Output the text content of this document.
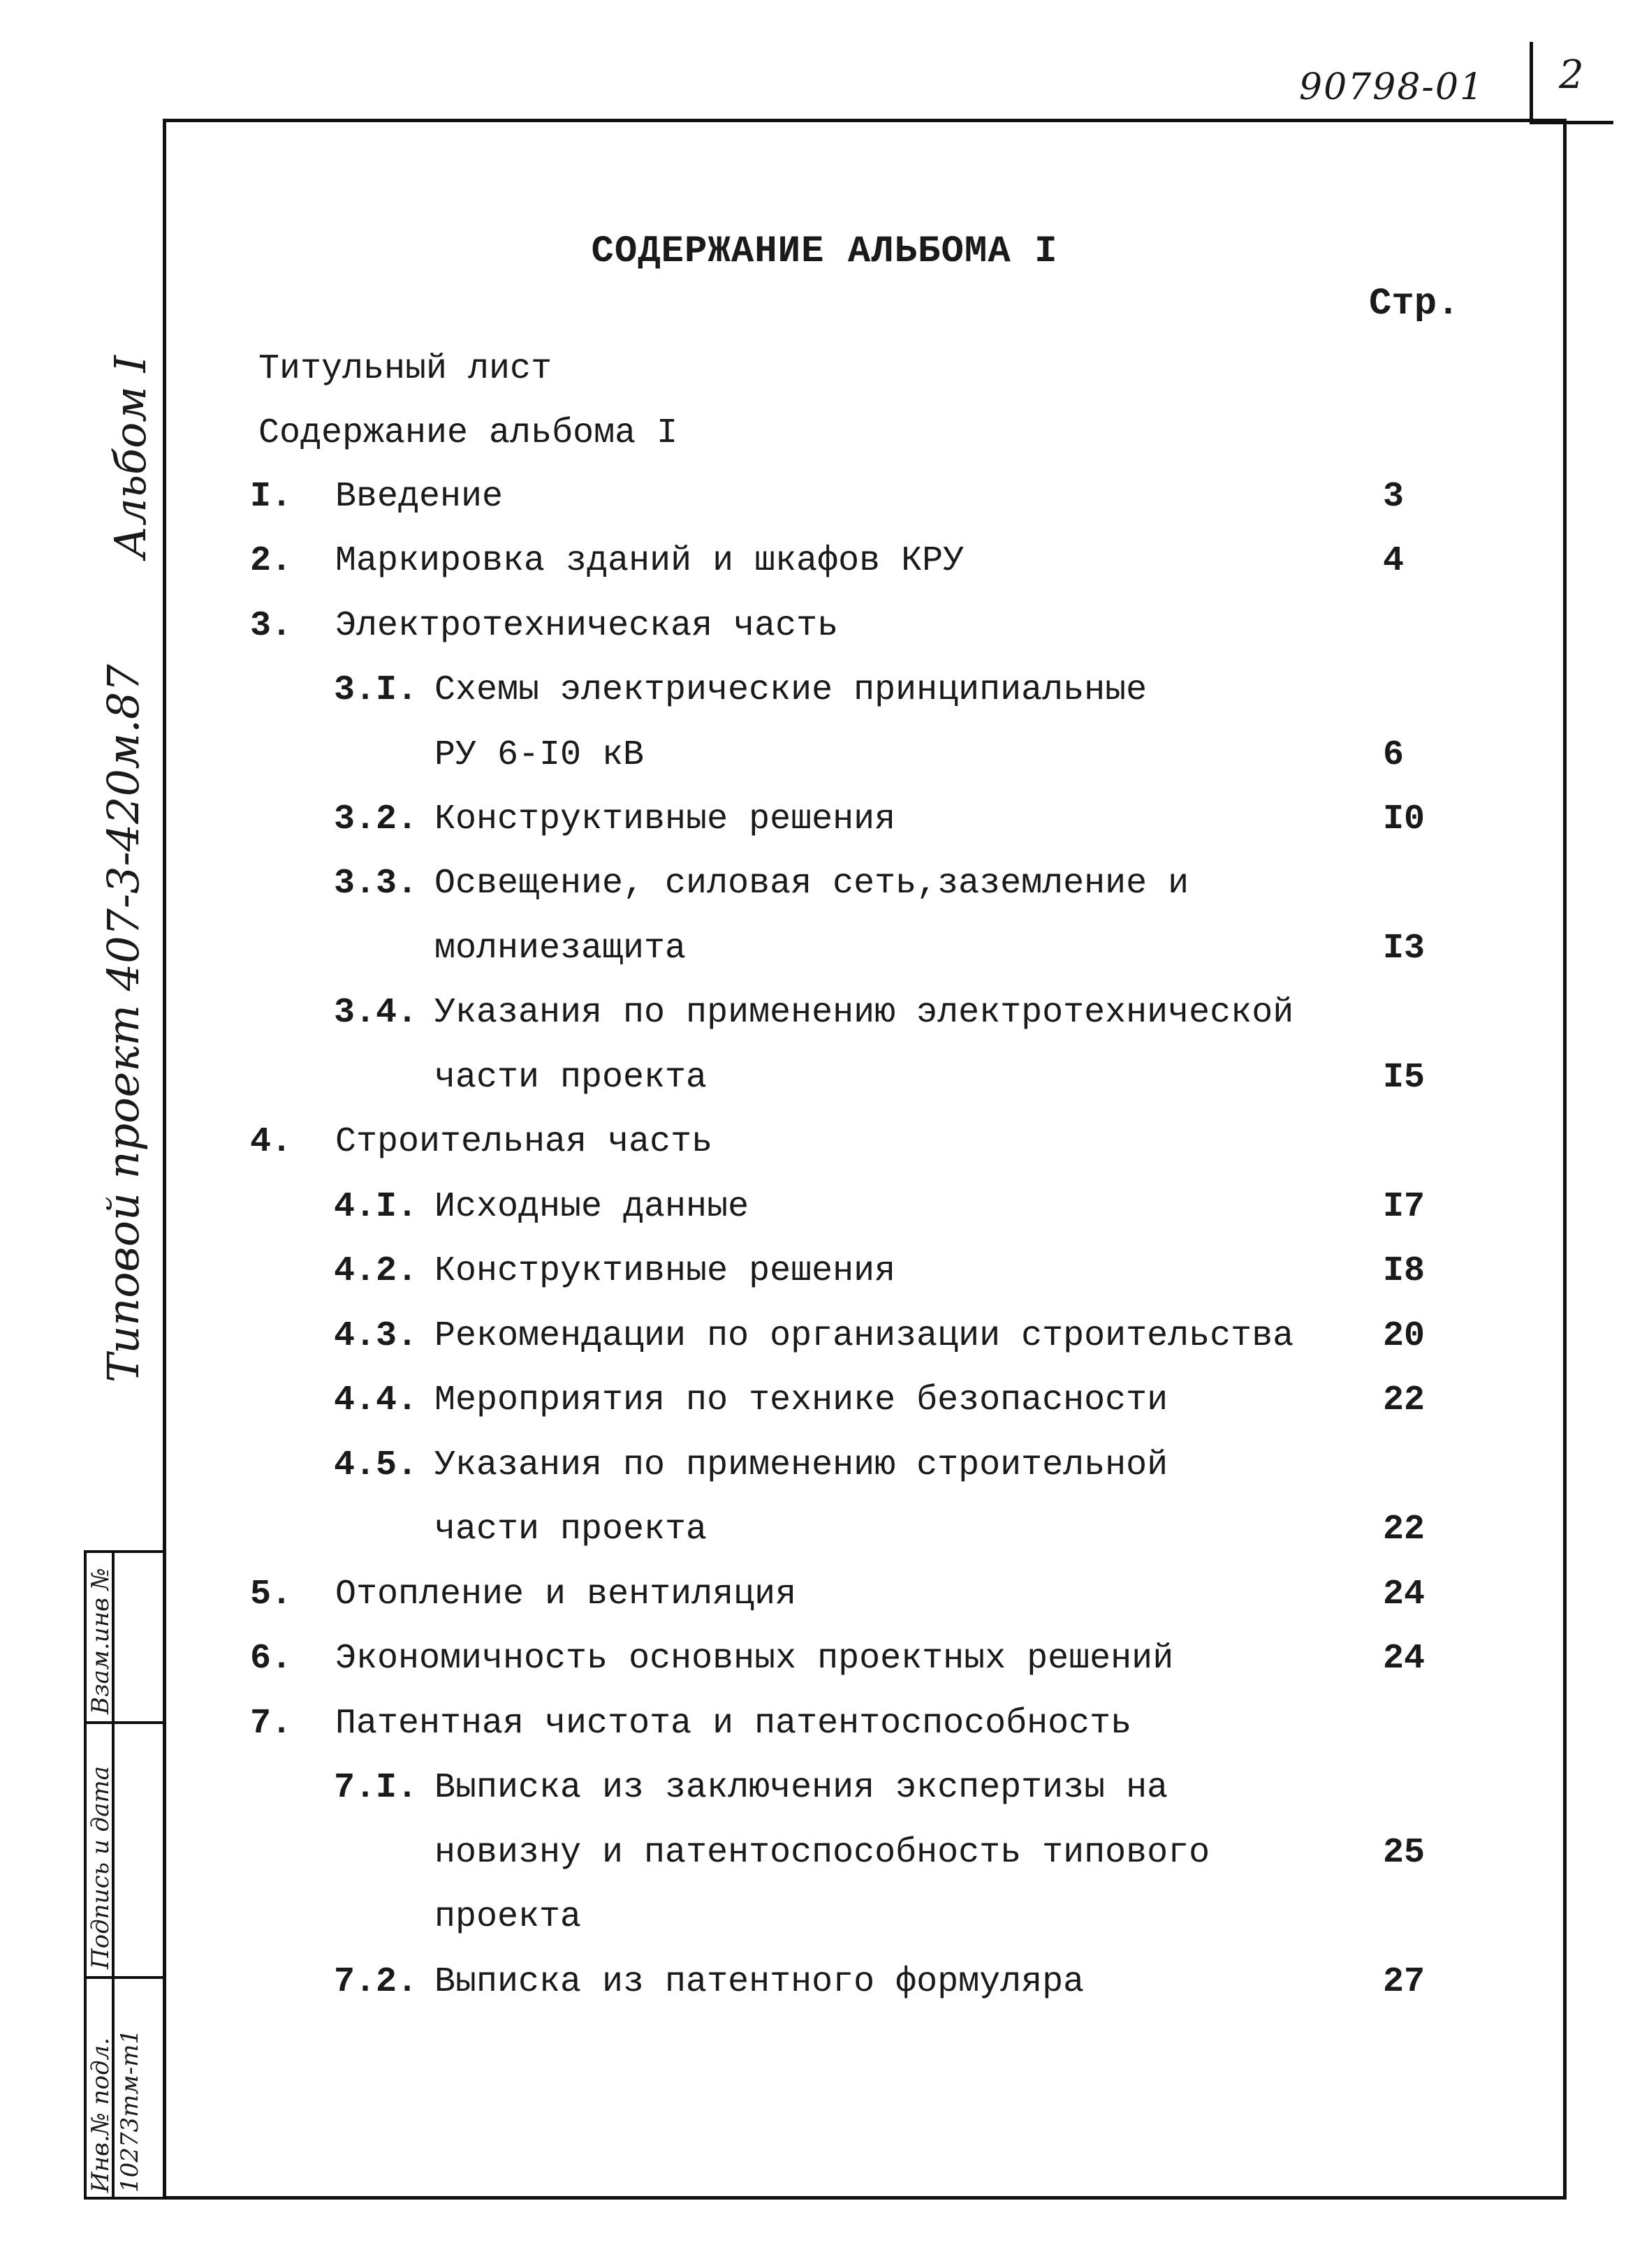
2
90798-01
СОДЕРЖАНИЕ АЛЬБОМА I
Стр.
Титульный лист
Содержание альбома I
I. Введение	3
2. Маркировка зданий и шкафов КРУ	4
3. Электротехническая часть
3.I. Схемы электрические принципиальные
РУ 6-I0 кВ	6
3.2. Конструктивные решения	I0
3.3. Освещение, силовая сеть,заземление и
молниезащита	I3
3.4. Указания по применению электротехнической
части проекта	I5
4. Строительная часть
4.I. Исходные данные	I7
4.2. Конструктивные решения	I8
4.3. Рекомендации по организации строительства	20
4.4. Мероприятия по технике безопасности	22
4.5. Указания по применению строительной
части проекта	22
5. Отопление и вентиляция	24
6. Экономичность основных проектных решений	24
7. Патентная чистота и патентоспособность
7.I. Выписка из заключения экспертизы на
новизну и патентоспособность типового	25
проекта
7.2. Выписка из патентного формуляра	27
Типовой проект 407-3-420м.87
Альбом I
Взам.инв №
Подпись и дата
Инв.№ подл. 10273тм-т1
